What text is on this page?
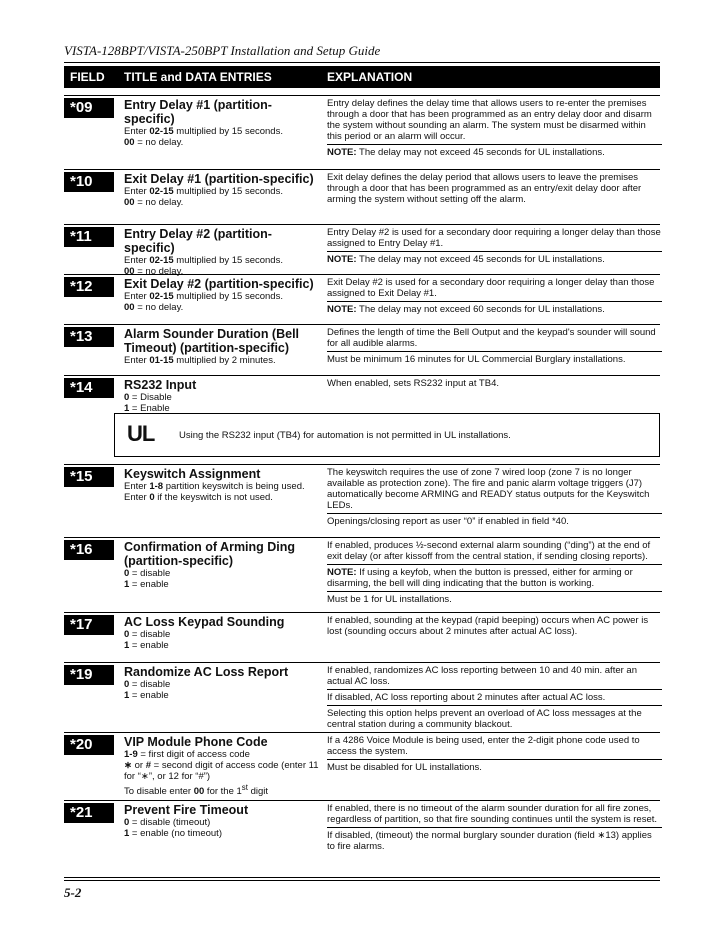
VISTA-128BPT/VISTA-250BPT Installation and Setup Guide
FIELD TITLE and DATA ENTRIES	EXPLANATION
*09	Entry Delay #1 (partition-specific)
Enter 02-15 multiplied by 15 seconds.
00 = no delay.

Entry delay defines the delay time that allows users to re-enter the premises through a door that has been programmed as an entry delay door and disarm the system without sounding an alarm. The system must be disarmed within this period or an alarm will occur.

NOTE: The delay may not exceed 45 seconds for UL installations.

*10	Exit Delay #1 (partition-specific)
Enter 02-15 multiplied by 15 seconds.
00 = no delay.

Exit delay defines the delay period that allows users to leave the premises through a door that has been programmed as an entry/exit delay door after arming the system without setting off the alarm.

*11	Entry Delay #2 (partition-specific)
Enter 02-15 multiplied by 15 seconds.
00 = no delay.

Entry Delay #2 is used for a secondary door requiring a longer delay than those assigned to Entry Delay #1.

NOTE: The delay may not exceed 45 seconds for UL installations.

*12	Exit Delay #2 (partition-specific)
Enter 02-15 multiplied by 15 seconds.
00 = no delay.

Exit Delay #2 is used for a secondary door requiring a longer delay than those assigned to Exit Delay #1.

NOTE: The delay may not exceed 60 seconds for UL installations.

*13	Alarm Sounder Duration (Bell Timeout) (partition-specific)
Enter 01-15 multiplied by 2 minutes.

Defines the length of time the Bell Output and the keypad's sounder will sound for all audible alarms.

Must be minimum 16 minutes for UL Commercial Burglary installations.

*14	RS232 Input
0 = Disable
1 = Enable

When enabled, sets RS232 input at TB4.

*15	Keyswitch Assignment
Enter 1-8 partition keyswitch is being used.
Enter 0 if the keyswitch is not used.

The keyswitch requires the use of zone 7 wired loop (zone 7 is no longer available as protection zone). The fire and panic alarm voltage triggers (J7) automatically become ARMING and READY status outputs for the Keyswitch LEDs.

Openings/closing report as user “0” if enabled in field *40.

*16	Confirmation of Arming Ding (partition-specific)
0 = disable
1 = enable

If enabled, produces ½-second external alarm sounding (“ding”) at the end of exit delay (or after kissoff from the central station, if sending closing reports).

NOTE: If using a keyfob, when the button is pressed, either for arming or disarming, the bell will ding indicating that the button is working.

Must be 1 for UL installations.

*17	AC Loss Keypad Sounding
0 = disable
1 = enable

If enabled, sounding at the keypad (rapid beeping) occurs when AC power is lost (sounding occurs about 2 minutes after actual AC loss).

*19	Randomize AC Loss Report
0 = disable
1 = enable

If enabled, randomizes AC loss reporting between 10 and 40 min. after an actual AC loss.

If disabled, AC loss reporting about 2 minutes after actual AC loss.

Selecting this option helps prevent an overload of AC loss messages at the central station during a community blackout.

*20	VIP Module Phone Code
1-9 = first digit of access code
∗ or # = second digit of access code (enter 11 for “∗”, or 12 for “#”)
To disable enter 00 for the 1st digit

If a 4286 Voice Module is being used, enter the 2-digit phone code used to access the system.

Must be disabled for UL installations.

*21	Prevent Fire Timeout
0 = disable (timeout)
1 = enable (no timeout)

If enabled, there is no timeout of the alarm sounder duration for all fire zones, regardless of partition, so that fire sounding continues until the system is reset.

If disabled, (timeout) the normal burglary sounder duration (field ∗13) applies to fire alarms.

UL	Using the RS232 input (TB4) for automation is not permitted in UL installations.
5-2
